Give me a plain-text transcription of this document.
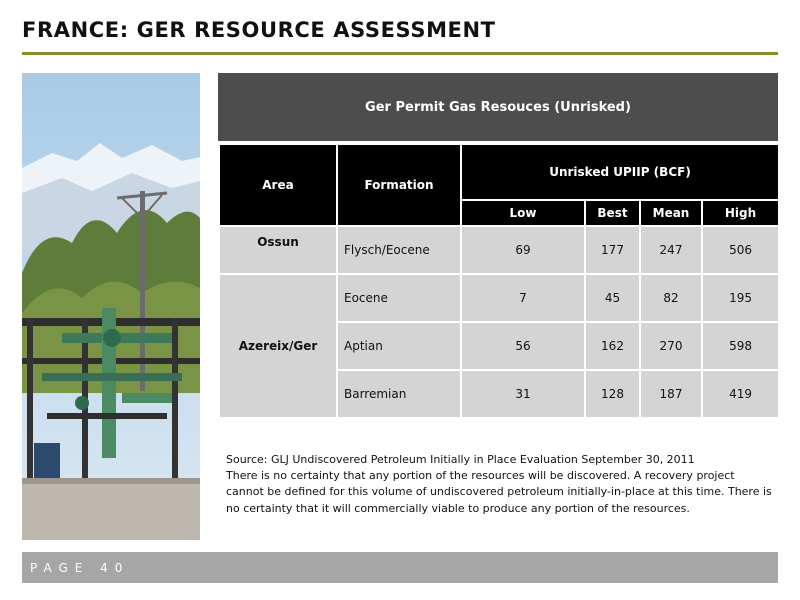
FRANCE: GER RESOURCE ASSESSMENT
Ger Permit Gas Resouces (Unrisked)
Area	Formation	Unrisked UPIIP (BCF)			
		Low	Best	Mean	High
Ossun	Flysch/Eocene	69	177	247	506
Azereix/Ger	Eocene	7	45	82	195
	Aptian	56	162	270	598
	Barremian	31	128	187	419
Source: GLJ Undiscovered Petroleum Initially in Place Evaluation September 30, 2011
There is no certainty that any portion of the resources will be discovered. A recovery project cannot be defined for this volume of undiscovered petroleum initially-in-place at this time. There is no certainty that it will commercially viable to produce any portion of the resources.
PAGE 40
